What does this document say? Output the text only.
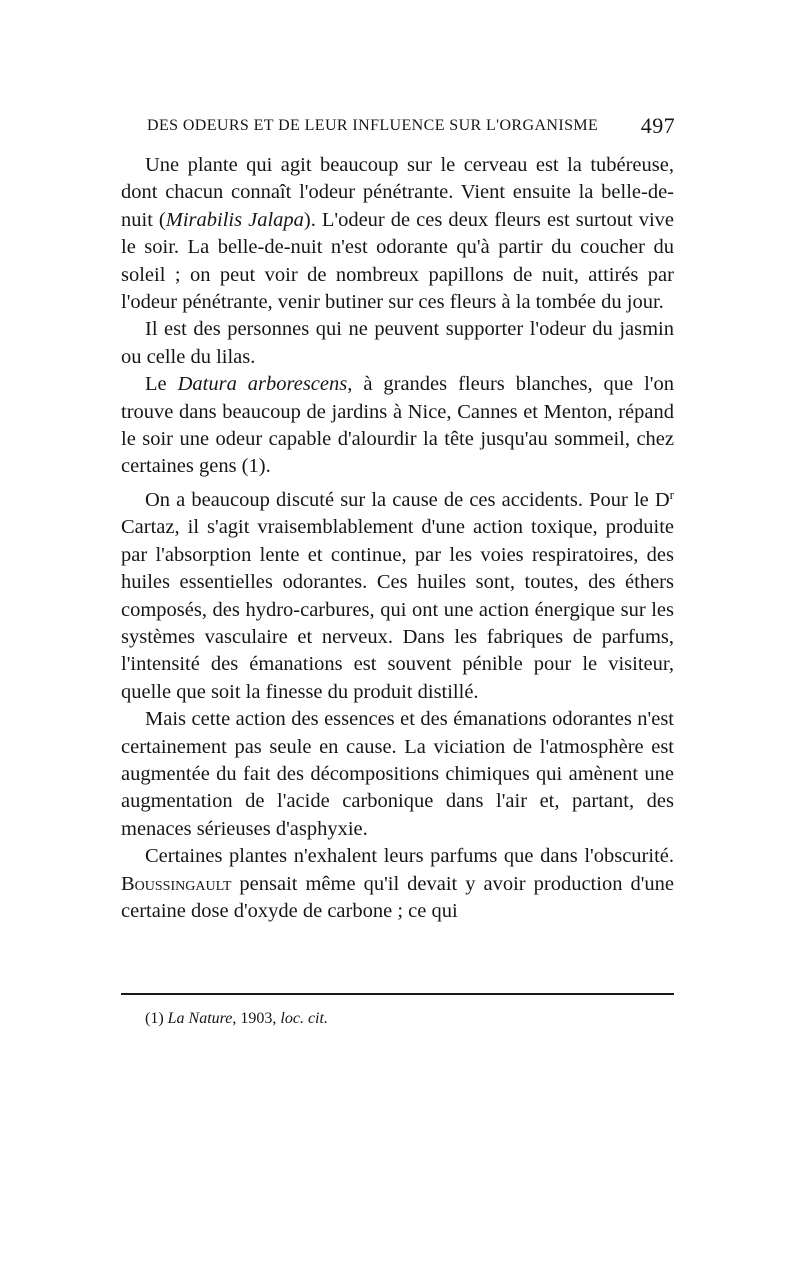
DES ODEURS ET DE LEUR INFLUENCE SUR L'ORGANISME 497

Une plante qui agit beaucoup sur le cerveau est la tubéreuse, dont chacun connaît l'odeur pénétrante. Vient ensuite la belle-de-nuit (Mirabilis Jalapa). L'odeur de ces deux fleurs est surtout vive le soir. La belle-de-nuit n'est odorante qu'à partir du coucher du soleil ; on peut voir de nombreux papillons de nuit, attirés par l'odeur pénétrante, venir butiner sur ces fleurs à la tombée du jour.

Il est des personnes qui ne peuvent supporter l'odeur du jasmin ou celle du lilas.

Le Datura arborescens, à grandes fleurs blanches, que l'on trouve dans beaucoup de jardins à Nice, Cannes et Menton, répand le soir une odeur capable d'alourdir la tête jusqu'au sommeil, chez certaines gens (1).

On a beaucoup discuté sur la cause de ces accidents. Pour le $D^r$ Cartaz, il s'agit vraisemblablement d'une action toxique, produite par l'absorption lente et continue, par les voies respiratoires, des huiles essentielles odorantes. Ces huiles sont, toutes, des éthers composés, des hydro-carbures, qui ont une action énergique sur les systèmes vasculaire et nerveux. Dans les fabriques de parfums, l'intensité des émanations est souvent pénible pour le visiteur, quelle que soit la finesse du produit distillé.

Mais cette action des essences et des émanations odorantes n'est certainement pas seule en cause. La viciation de l'atmosphère est augmentée du fait des décompositions chimiques qui amènent une augmentation de l'acide carbonique dans l'air et, partant, des menaces sérieuses d'asphyxie.

Certaines plantes n'exhalent leurs parfums que dans l'obscurité. Boussingault pensait même qu'il devait y avoir production d'une certaine dose d'oxyde de carbone ; ce qui

(1) La Nature, 1903, loc. cit.
